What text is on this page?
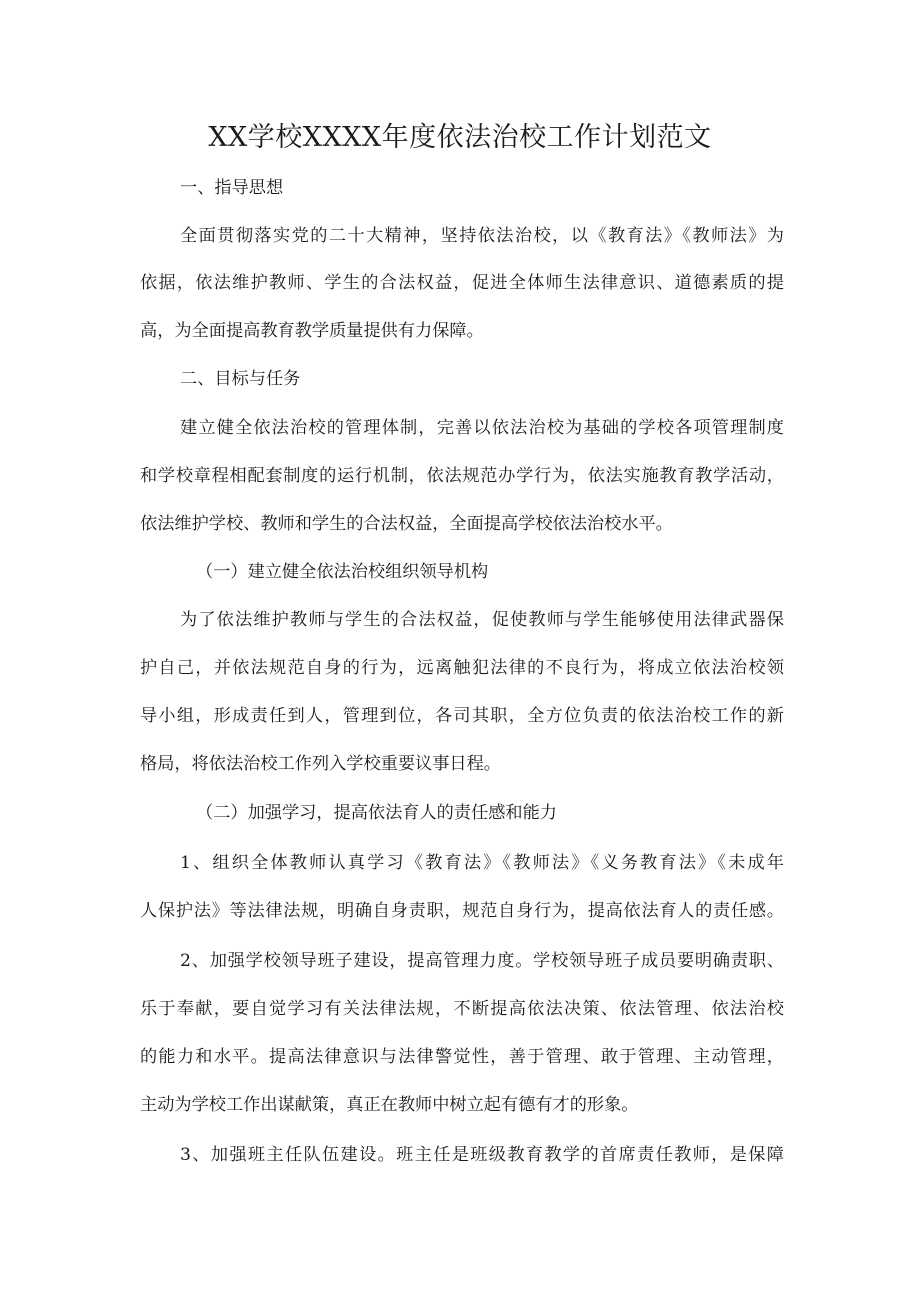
XX学校XXXX年度依法治校工作计划范文
一、指导思想
全面贯彻落实党的二十大精神，坚持依法治校，以《教育法》《教师法》为
依据，依法维护教师、学生的合法权益，促进全体师生法律意识、道德素质的提
高，为全面提高教育教学质量提供有力保障。
二、目标与任务
建立健全依法治校的管理体制，完善以依法治校为基础的学校各项管理制度
和学校章程相配套制度的运行机制，依法规范办学行为，依法实施教育教学活动，
依法维护学校、教师和学生的合法权益，全面提高学校依法治校水平。
（一）建立健全依法治校组织领导机构
为了依法维护教师与学生的合法权益，促使教师与学生能够使用法律武器保
护自己，并依法规范自身的行为，远离触犯法律的不良行为，将成立依法治校领
导小组，形成责任到人，管理到位，各司其职，全方位负责的依法治校工作的新
格局，将依法治校工作列入学校重要议事日程。
（二）加强学习，提高依法育人的责任感和能力
1、组织全体教师认真学习《教育法》《教师法》《义务教育法》《未成年
人保护法》等法律法规，明确自身责职，规范自身行为，提高依法育人的责任感。
2、加强学校领导班子建设，提高管理力度。学校领导班子成员要明确责职、
乐于奉献，要自觉学习有关法律法规，不断提高依法决策、依法管理、依法治校
的能力和水平。提高法律意识与法律警觉性，善于管理、敢于管理、主动管理，
主动为学校工作出谋献策，真正在教师中树立起有德有才的形象。
3、加强班主任队伍建设。班主任是班级教育教学的首席责任教师，是保障
